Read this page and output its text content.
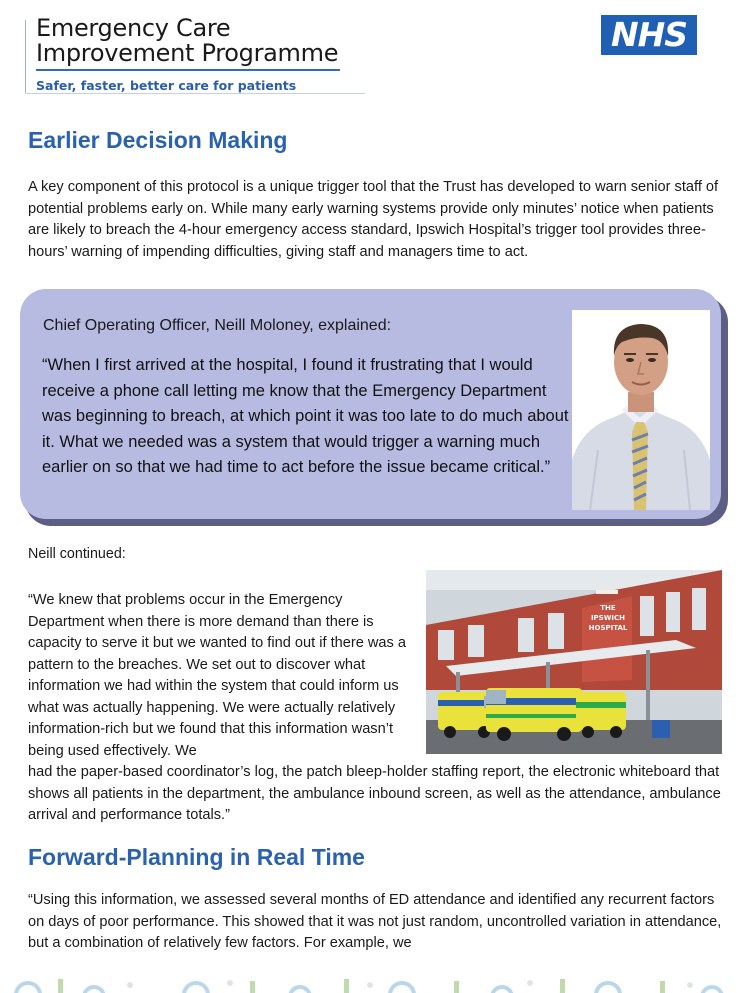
Emergency Care
Improvement Programme
Safer, faster, better care for patients
NHS
Earlier Decision Making

A key component of this protocol is a unique trigger tool that the Trust has developed to warn senior staff of potential problems early on. While many early warning systems provide only minutes’ notice when patients are likely to breach the 4-hour emergency access standard, Ipswich Hospital’s trigger tool provides three-hours’ warning of impending difficulties, giving staff and managers time to act.

Chief Operating Officer, Neill Moloney, explained:

“When I first arrived at the hospital, I found it frustrating that I would receive a phone call letting me know that the Emergency Department was beginning to breach, at which point it was too late to do much about it. What we needed was a system that would trigger a warning much earlier on so that we had time to act before the issue became critical.”

Neill continued:

“We knew that problems occur in the Emergency Department when there is more demand than there is capacity to serve it but we wanted to find out if there was a pattern to the breaches. We set out to discover what information we had within the system that could inform us what was actually happening. We were actually relatively information-rich but we found that this information wasn’t being used effectively. We

THE
IPSWICH
HOSPITAL

had the paper-based coordinator’s log, the patch bleep-holder staffing report, the electronic whiteboard that shows all patients in the department, the ambulance inbound screen, as well as the attendance, ambulance arrival and performance totals.”

Forward-Planning in Real Time

“Using this information, we assessed several months of ED attendance and identified any recurrent factors on days of poor performance. This showed that it was not just random, uncontrolled variation in attendance, but a combination of relatively few factors. For example, we
